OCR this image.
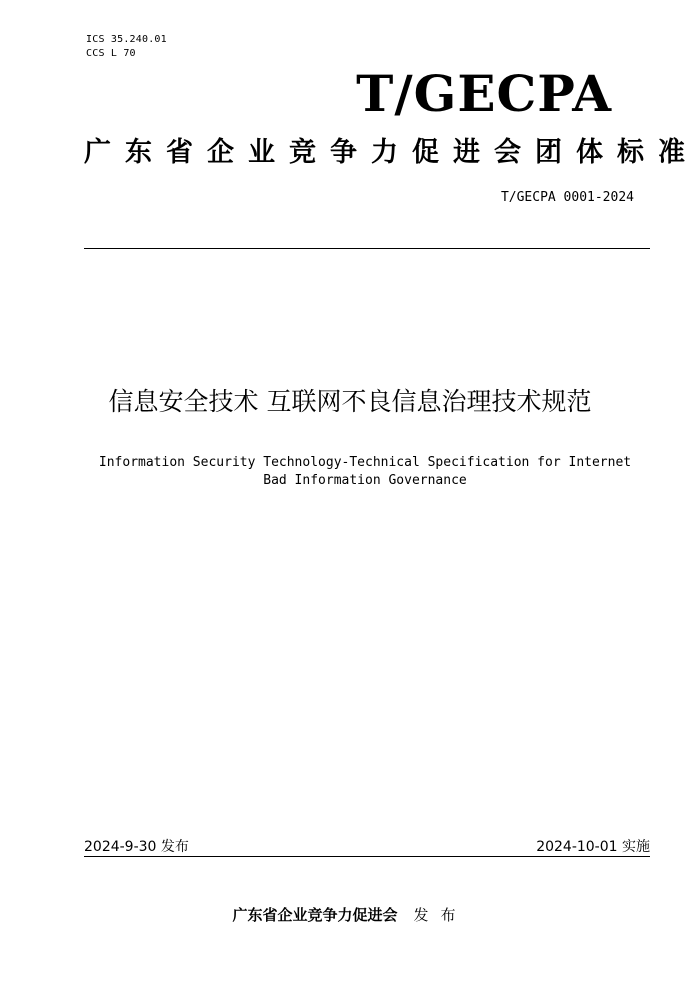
ICS 35.240.01
CCS L 70
T/GECPA
广东省企业竞争力促进会团体标准
T/GECPA 0001-2024
信息安全技术 互联网不良信息治理技术规范
Information Security Technology-Technical Specification for Internet
Bad Information Governance
2024-9-30 发布	2024-10-01 实施
广东省企业竞争力促进会 发布
